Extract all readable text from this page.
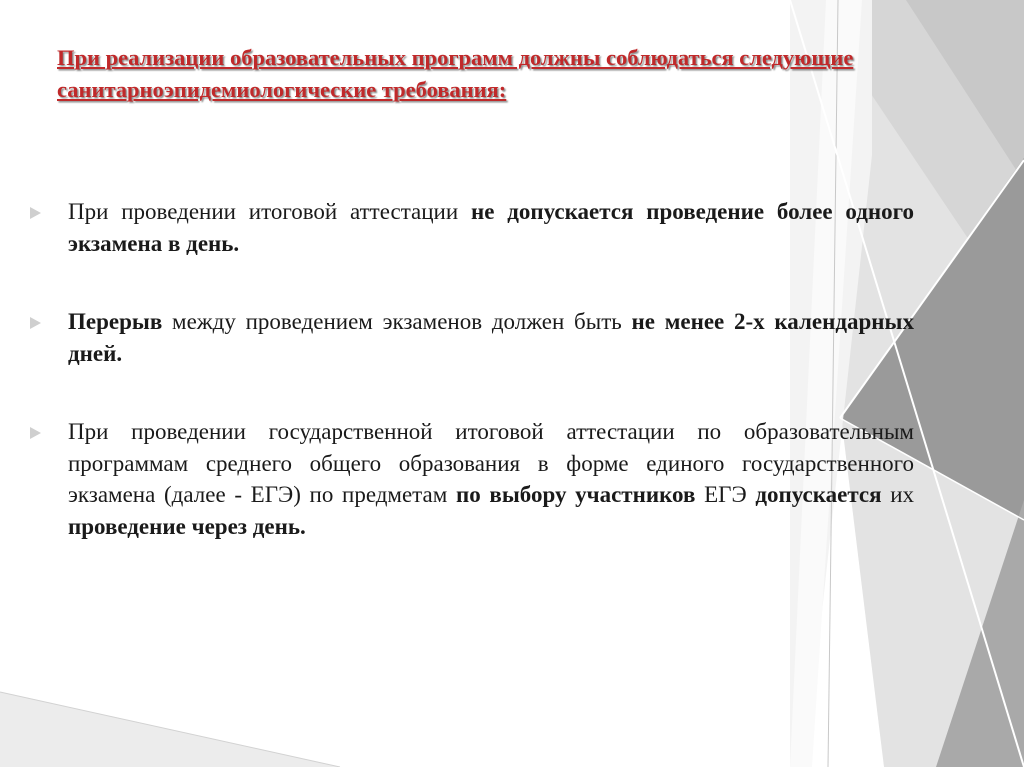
При реализации образовательных программ должны соблюдаться следующие санитарноэпидемиологические требования:
При проведении итоговой аттестации не допускается проведение более одного экзамена в день.
Перерыв между проведением экзаменов должен быть не менее 2-х календарных дней.
При проведении государственной итоговой аттестации по образовательным программам среднего общего образования в форме единого государственного экзамена (далее - ЕГЭ) по предметам по выбору участников ЕГЭ допускается их проведение через день.
